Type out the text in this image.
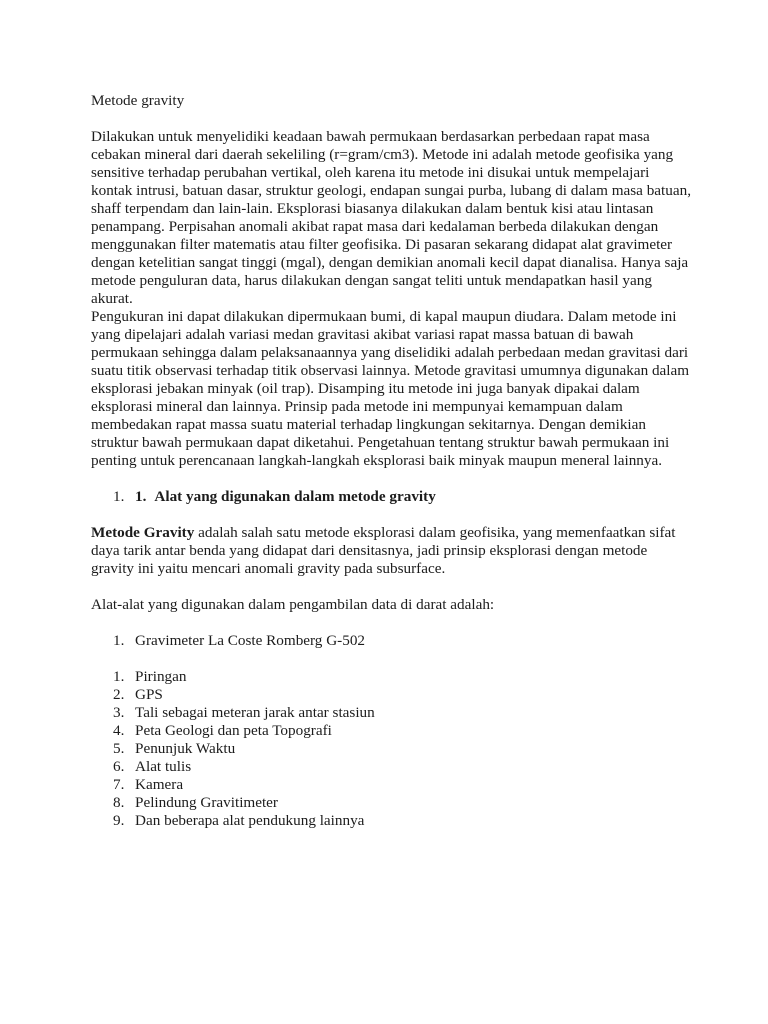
Metode gravity

Dilakukan untuk menyelidiki keadaan bawah permukaan berdasarkan perbedaan rapat masa cebakan mineral dari daerah sekeliling (r=gram/cm3). Metode ini adalah metode geofisika yang sensitive terhadap perubahan vertikal, oleh karena itu metode ini disukai untuk mempelajari kontak intrusi, batuan dasar, struktur geologi, endapan sungai purba, lubang di dalam masa batuan, shaff terpendam dan lain-lain. Eksplorasi biasanya dilakukan dalam bentuk kisi atau lintasan penampang. Perpisahan anomali akibat rapat masa dari kedalaman berbeda dilakukan dengan menggunakan filter matematis atau filter geofisika. Di pasaran sekarang didapat alat gravimeter dengan ketelitian sangat tinggi (mgal), dengan demikian anomali kecil dapat dianalisa. Hanya saja metode penguluran data, harus dilakukan dengan sangat teliti untuk mendapatkan hasil yang akurat.

Pengukuran ini dapat dilakukan dipermukaan bumi, di kapal maupun diudara. Dalam metode ini yang dipelajari adalah variasi medan gravitasi akibat variasi rapat massa batuan di bawah permukaan sehingga dalam pelaksanaannya yang diselidiki adalah perbedaan medan gravitasi dari suatu titik observasi terhadap titik observasi lainnya. Metode gravitasi umumnya digunakan dalam eksplorasi jebakan minyak (oil trap). Disamping itu metode ini juga banyak dipakai dalam eksplorasi mineral dan lainnya. Prinsip pada metode ini mempunyai kemampuan dalam membedakan rapat massa suatu material terhadap lingkungan sekitarnya. Dengan demikian struktur bawah permukaan dapat diketahui. Pengetahuan tentang struktur bawah permukaan ini penting untuk perencanaan langkah-langkah eksplorasi baik minyak maupun meneral lainnya.

1. 1. Alat yang digunakan dalam metode gravity

Metode Gravity adalah salah satu metode eksplorasi dalam geofisika, yang memenfaatkan sifat daya tarik antar benda yang didapat dari densitasnya, jadi prinsip eksplorasi dengan metode gravity ini yaitu mencari anomali gravity pada subsurface.

Alat-alat yang digunakan dalam pengambilan data di darat adalah:

1. Gravimeter La Coste Romberg G-502
1. Piringan
2. GPS
3. Tali sebagai meteran jarak antar stasiun
4. Peta Geologi dan peta Topografi
5. Penunjuk Waktu
6. Alat tulis
7. Kamera
8. Pelindung Gravitimeter
9. Dan beberapa alat pendukung lainnya
